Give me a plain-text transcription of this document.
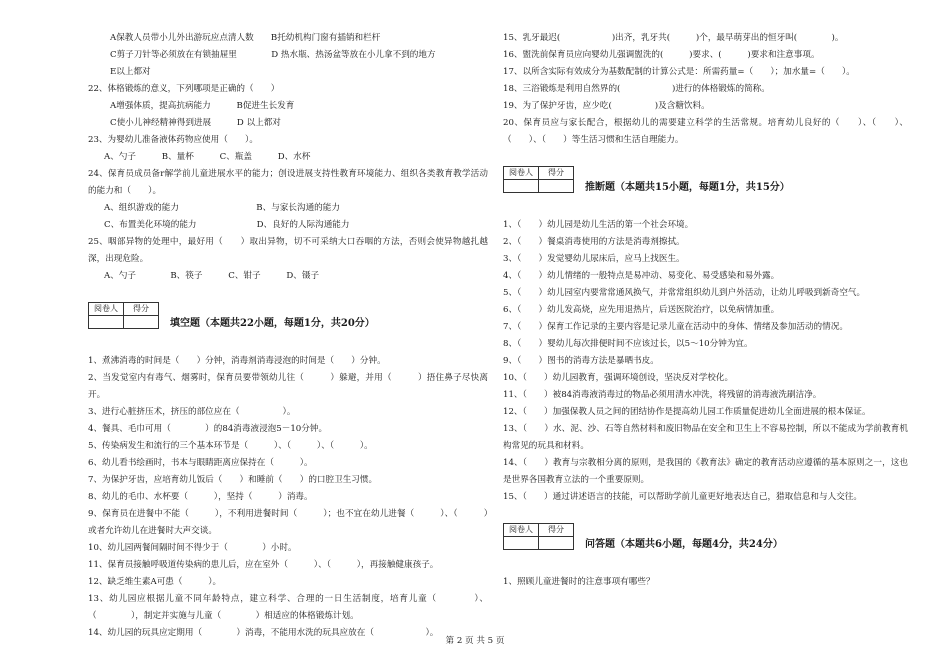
A保教人员带小儿外出游玩应点清人数　　B托幼机构门窗有插销和栏杆
C剪子刀针等必须放在有锁抽屉里　　　　D 热水瓶、热汤盆等放在小儿拿不到的地方
E以上都对
22、体格锻炼的意义，下列哪项是正确的（　　）
A增强体质，提高抗病能力　　　B促进生长发育
C使小儿神经精神得到进展　　　D 以上都对
23、为婴幼儿准备液体药物应使用（　　）。
A、勺子　　　B、量杯　　　C、瓶盖　　　D、水杯
24、保育员成员备r解学前儿童进展水平的能力；创设进展支持性教育环境能力、组织各类教育教学活动的能力和（　　）。
A、组织游戏的能力　　　　　　　　　B、与家长沟通的能力
C、布置美化环境的能力　　　　　　　D、良好的人际沟通能力
25、咽部异物的处理中，最好用（　　）取出异物，切不可采纳大口吞咽的方法，否则会使异物越扎越深，出现危险。
A、勺子　　　　B、筷子　　　C、钳子　　　D、镊子
阅卷人	得分

填空题（本题共22小题，每题1分，共20分）
1、煮沸消毒的时间是（　　）分钟，消毒剂消毒浸泡的时间是（　　）分钟。
2、当发觉室内有毒气、烟雾时，保育员要带领幼儿往（　　　）躲避，并用（　　　）捂住鼻子尽快离开。
3、进行心脏挤压术，挤压的部位应在（　　　　　）。
4、餐具、毛巾可用（　　　　）的84消毒液浸泡5－10分钟。
5、传染病发生和流行的三个基本环节是（　　　）、（　　　）、（　　　）。
6、幼儿看书绘画时，书本与眼睛距离应保持在（　　　）。
7、为保护牙齿，应培育幼儿饭后（　　）和睡前（　　）的口腔卫生习惯。
8、幼儿的毛巾、水杯要（　　　），坚持（　　　）消毒。
9、保育员在进餐中不能（　　　），不利用进餐时间（　　　）；也不宜在幼儿进餐（　　　）、（　　　）或者允许幼儿在进餐时大声交谈。
10、幼儿园两餐间隔时间不得少于（　　　　）小时。
11、保育员接触呼吸道传染病的患儿后，应在室外（　　　）、（　　　），再接触健康孩子。
12、缺乏维生素A可患（　　　）。
13、幼儿园应根据儿童不同年龄特点，建立科学、合理的一日生活制度，培育儿童（　　　　）、（　　　　），制定并实施与儿童（　　　　）相适应的体格锻炼计划。
14、幼儿园的玩具应定期用（　　　　）消毒，不能用水洗的玩具应放在（　　　　　　）。
15、乳牙最迟(　　　　　　)出齐，乳牙共(　　　)个，最早萌芽出的恒牙叫(　　　　)。
16、盥洗前保育员应向婴幼儿强调盥洗的(　　　)要求、(　　　)要求和注意事项。
17、以所含实际有效成分为基数配制的计算公式是：所需药量=（　　）；加水量=（　　）。
18、三浴锻炼是利用自然界的(　　　　　　)进行的体格锻炼的简称。
19、为了保护牙齿，应少吃(　　　　　)及含糖饮料。
20、保育员应与家长配合，根据幼儿的需要建立科学的生活常规。培育幼儿良好的（　　）、（　　）、（　　）、（　　）等生活习惯和生活自理能力。
阅卷人	得分

推断题（本题共15小题，每题1分，共15分）
1、（　　）幼儿园是幼儿生活的第一个社会环境。
2、（　　）餐桌消毒使用的方法是消毒剂擦拭。
3、（　　）发觉婴幼儿尿床后，应马上找医生。
4、（　　）幼儿情绪的一般特点是易冲动、易变化、易受感染和易外露。
5、（　　）幼儿园室内要常常通风换气，并常常组织幼儿到户外活动，让幼儿呼吸到新奇空气。
6、（　　）幼儿发高烧，应先用退热片，后送医院治疗，以免病情加重。
7、（　　）保育工作记录的主要内容是记录儿童在活动中的身体、情绪及参加活动的情况。
8、（　　）婴幼儿每次排便时间不应该过长，以5～10分钟为宜。
9、（　　）图书的消毒方法是暴晒书皮。
10、（　　）幼儿园教育，强调环境创设，坚决反对学校化。
11、（　　）被84消毒液消毒过的物品必须用清水冲洗，将残留的消毒液洗刷洁净。
12、（　　）加强保教人员之间的团结协作是提高幼儿园工作质量促进幼儿全面进展的根本保证。
13、（　　）水、泥、沙、石等自然材料和废旧物品在安全和卫生上不容易控制，所以不能成为学前教育机构常见的玩具和材料。
14、（　　）教育与宗教相分离的原则，是我国的《教育法》确定的教育活动应遵循的基本原则之一，这也是世界各国教育立法的一个重要原则。
15、（　　）通过讲述语言的技能，可以帮助学前儿童更好地表达自己，猎取信息和与人交往。
阅卷人	得分

问答题（本题共6小题，每题4分，共24分）
1、照顾儿童进餐时的注意事项有哪些？
第 2 页 共 5 页
